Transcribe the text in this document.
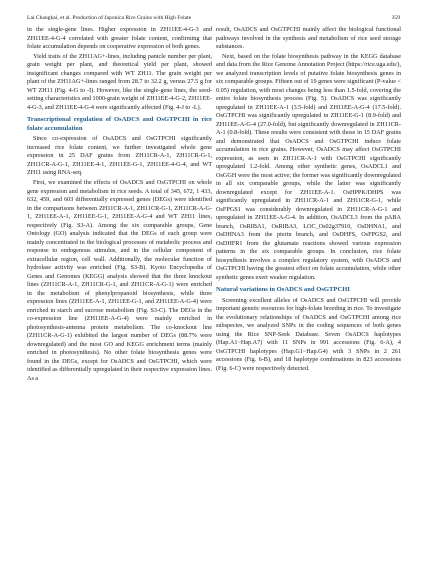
Lai Changkai, et al. Production of Japonica Rice Grains with High Folate	359

in the single-gene lines. Higher expression in ZH11EE-4-G-3 and ZH11EE-4-G-4 correlated with greater folate content, confirming that folate accumulation depends on cooperative expression of both genes.

Yield traits of the ZH11AG+-lines, including panicle number per plant, grain weight per plant, and theoretical yield per plant, showed insignificant changes compared with WT ZH11. The grain weight per plant of the ZH11AG+-lines ranged from 28.7 to 32.2 g, versus 27.5 g for WT ZH11 (Fig. 4-G to -I). However, like the single-gene lines, the seed-setting characteristics and 1000-grain weight of ZH11EE-4-G-2, ZH11EE-4-G-3, and ZH11EE-4-G-4 were significantly affected (Fig. 4-J to -L).

Transcriptional regulation of OsADCS and OsGTPCHI in rice folate accumulation

Since co-expression of OsADCS and OsGTPCHI significantly increased rice folate content, we further investigated whole gene expression in 25 DAF grains from ZH11CR-A-1, ZH11CR-G-1, ZH11CR-A-G-1, ZH11EE-4-1, ZH11EE-G-1, ZH11EE-4-G-4, and WT ZH11 using RNA-seq.

First, we examined the effects of OsADCS and OsGTPCHI on whole gene expression and metabolism in rice seeds. A total of 345, 672, 1 433, 632, 459, and 603 differentially expressed genes (DEGs) were identified in the comparisons between ZH11CR-A-1, ZH11CR-G-1, ZH11CR-A-G-1, ZH11EE-A-1, ZH11EE-G-1, ZH11EE-A-G-4 and WT ZH11 lines, respectively (Fig. S3-A). Among the six comparable groups, Gene Ontology (GO) analysis indicated that the DEGs of each group were mainly concentrated in the biological processes of metabolic process and response to endogenous stimulus, and in the cellular component of extracellular region, cell wall. Additionally, the molecular function of hydrolase activity was enriched (Fig. S3-B). Kyoto Encyclopedia of Genes and Genomes (KEGG) analysis showed that the three knockout lines (ZH11CR-A-1, ZH11CR-G-1, and ZH11CR-A-G-1) were enriched in the metabolism of phenylpropanoid biosynthesis, while three expression lines (ZH11EE-A-1, ZH11EE-G-1, and ZH11EE-A-G-4) were enriched in starch and sucrose metabolism (Fig. S3-C). The DEGs in the co-expression line (ZH11EE-A-G-4) were mainly enriched in photosynthesis-antenna protein metabolism. The co-knockout line (ZH11CR-A-G-1) exhibited the largest number of DEGs (88.7% were downregulated) and the most GO and KEGG enrichment terms (mainly enriched in photosynthesis). No other folate biosynthesis genes were found in the DEGs, except for OsADCS and OsGTPCHI, which were identified as differentially upregulated in their respective expression lines. As a

result, OsADCS and OsGTPCHI mainly affect the biological functional pathways involved in the synthesis and metabolism of rice seed storage substances.

Next, based on the folate biosynthesis pathway in the KEGG database and data from the Rice Genome Annotation Project (https://rice.uga.edu/), we analyzed transcription levels of putative folate biosynthesis genes in six comparable groups. Fifteen out of 19 genes were significant (P-value < 0.05) regulation, with most changes being less than 1.5-fold, covering the entire folate biosynthesis process (Fig. 5). OsADCS was significantly upregulated in ZH11EE-A-1 (3.5-fold) and ZH11EE-A-G-4 (17.5-fold). OsGTPCHI was significantly upregulated in ZH11EE-G-1 (8.9-fold) and ZH11EE-A-G-4 (27.0-fold), but significantly downregulated in ZH11CR-A-1 (0.8-fold). These results were consistent with those in 15 DAF grains and demonstrated that OsADCS and OsGTPCHI induce folate accumulation in rice grains. However, OsADCS may affect OsGTPCHI expression, as seen in ZH11CR-A-1 with OsGTPCHI significantly upregulated 1.2-fold. Among other synthetic genes, OsADCL1 and OsGGH were the most active; the former was significantly downregulated in all six comparable groups, while the latter was significantly downregulated except for ZH11EE-A-1. OsHPPK/DHPS was significantly upregulated in ZH11CR-A-1 and ZH11CR-G-1, while OsFPGS1 was considerably downregulated in ZH11CR-A-G-1 and upregulated in ZH11EE-A-G-4. In addition, OsADCL3 from the pABA branch, OsRIBA1, OsRIBA3, LOC_Os02g37910, OsDHNA1, and OsDHNA3 from the pterin branch, and OsDHFS, OsFPGS2, and OsDHFR1 from the glutamate reactions showed various expression patterns in the six comparable groups. In conclusion, rice folate biosynthesis involves a complex regulatory system, with OsADCS and OsGTPCHI having the greatest effect on folate accumulation, while other synthetic genes exert weaker regulation.

Natural variations in OsADCS and OsGTPCHI

Screening excellent alleles of OsADCS and OsGTPCHI will provide important genetic resources for high-folate breeding in rice. To investigate the evolutionary relationships of OsADCS and OsGTPCHI among rice subspecies, we analyzed SNPs in the coding sequences of both genes using the Rice SNP-Seek Database. Seven OsADCS haplotypes (Hap.A1~Hap.A7) with 11 SNPs in 991 accessions (Fig. 6-A), 4 OsGTPCHI haplotypes (Hap.G1~Hap.G4) with 3 SNPs in 2 261 accessions (Fig. 6-B), and 18 haplotype combinations in 823 accessions (Fig. 6-C) were respectively detected.
